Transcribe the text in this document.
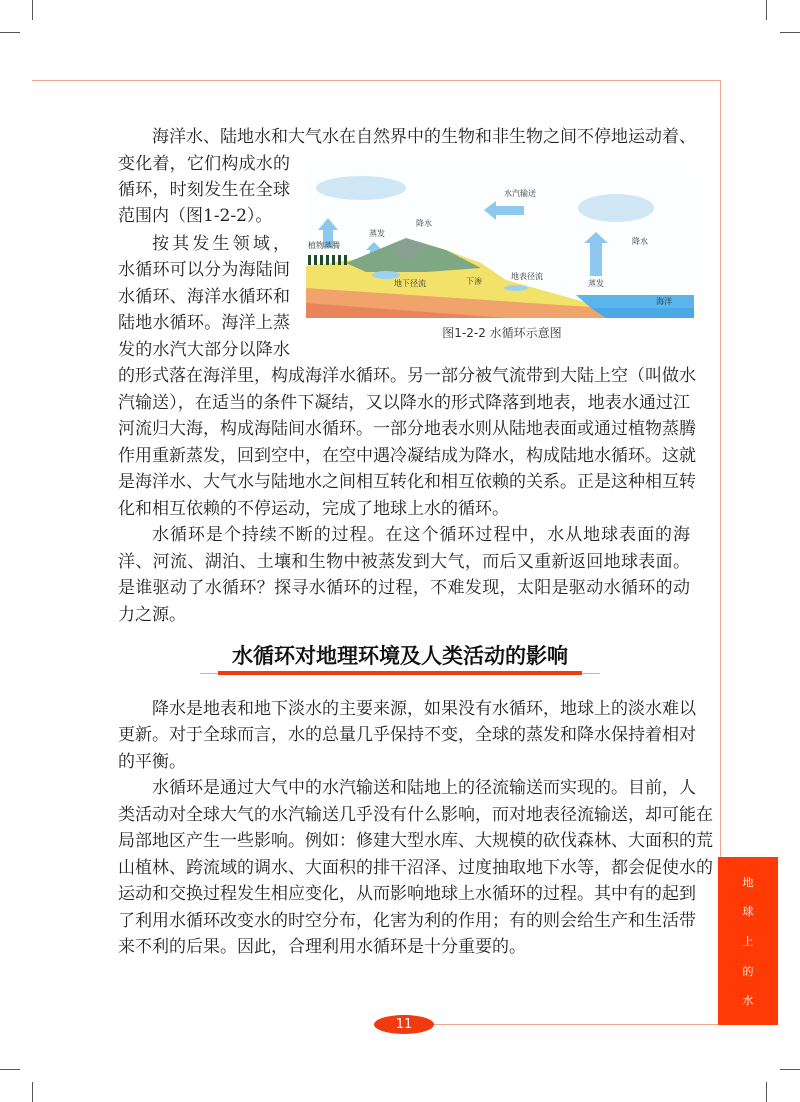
海洋水、陆地水和大气水在自然界中的生物和非生物之间不停地运动着、
变化着，它们构成水的
循环，时刻发生在全球
范围内（图1-2-2）。
按其发生领域，
水循环可以分为海陆间
水循环、海洋水循环和
陆地水循环。海洋上蒸
发的水汽大部分以降水
的形式落在海洋里，构成海洋水循环。另一部分被气流带到大陆上空（叫做水
汽输送），在适当的条件下凝结，又以降水的形式降落到地表，地表水通过江
河流归大海，构成海陆间水循环。一部分地表水则从陆地表面或通过植物蒸腾
作用重新蒸发，回到空中，在空中遇冷凝结成为降水，构成陆地水循环。这就
是海洋水、大气水与陆地水之间相互转化和相互依赖的关系。正是这种相互转
化和相互依赖的不停运动，完成了地球上水的循环。
水循环是个持续不断的过程。在这个循环过程中，水从地球表面的海
洋、河流、湖泊、土壤和生物中被蒸发到大气，而后又重新返回地球表面。
是谁驱动了水循环？探寻水循环的过程，不难发现，太阳是驱动水循环的动
力之源。
植物蒸腾
蒸发
降水
水汽输送
降水
蒸发
地表径流
下渗
地下径流
海洋
图1-2-2 水循环示意图
水循环对地理环境及人类活动的影响
降水是地表和地下淡水的主要来源，如果没有水循环，地球上的淡水难以
更新。对于全球而言，水的总量几乎保持不变，全球的蒸发和降水保持着相对
的平衡。
水循环是通过大气中的水汽输送和陆地上的径流输送而实现的。目前，人
类活动对全球大气的水汽输送几乎没有什么影响，而对地表径流输送，却可能在
局部地区产生一些影响。例如：修建大型水库、大规模的砍伐森林、大面积的荒
山植林、跨流域的调水、大面积的排干沼泽、过度抽取地下水等，都会促使水的
运动和交换过程发生相应变化，从而影响地球上水循环的过程。其中有的起到
了利用水循环改变水的时空分布，化害为利的作用；有的则会给生产和生活带
来不利的后果。因此，合理利用水循环是十分重要的。
地
球
上
的
水
11
